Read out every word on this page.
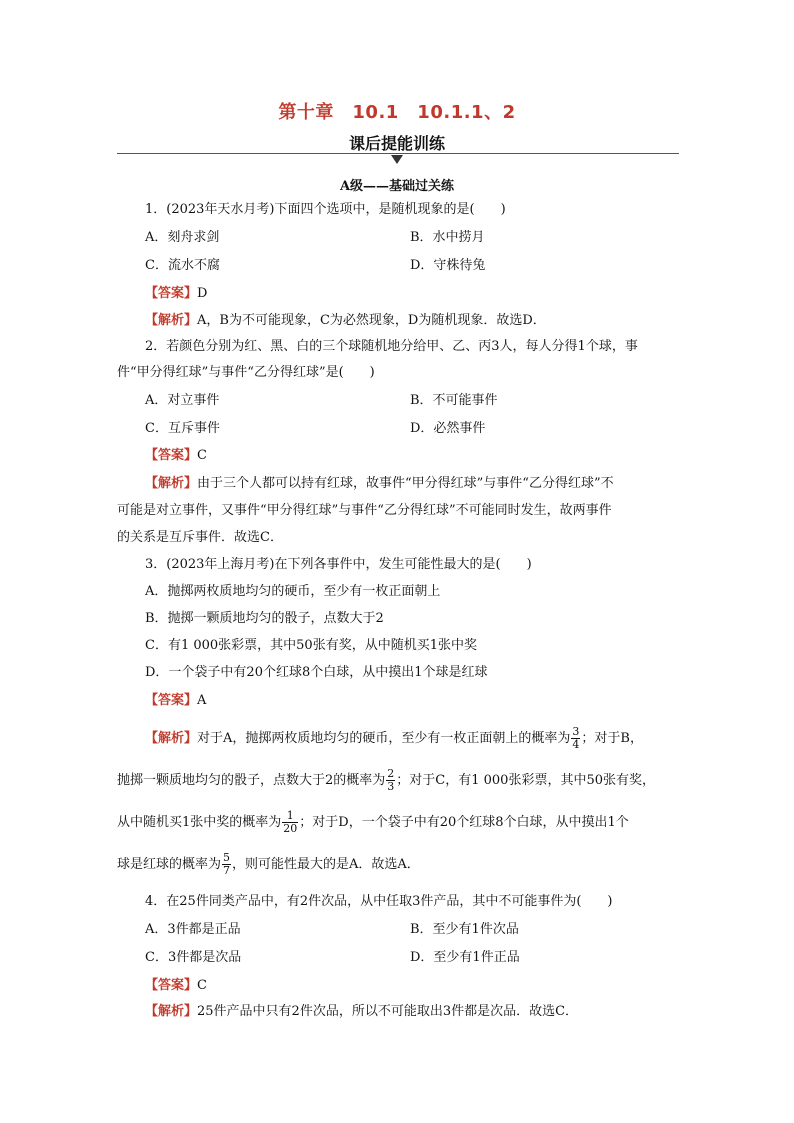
第十章　10.1　10.1.1、2
课后提能训练
A级——基础过关练
1．(2023年天水月考)下面四个选项中，是随机现象的是(　　)
A．刻舟求剑	B．水中捞月
C．流水不腐	D．守株待兔
【答案】D
【解析】A，B为不可能现象，C为必然现象，D为随机现象．故选D．
2．若颜色分别为红、黑、白的三个球随机地分给甲、乙、丙3人，每人分得1个球，事
件“甲分得红球”与事件“乙分得红球”是(　　)
A．对立事件	B．不可能事件
C．互斥事件	D．必然事件
【答案】C
【解析】由于三个人都可以持有红球，故事件“甲分得红球”与事件“乙分得红球”不
可能是对立事件，又事件“甲分得红球”与事件“乙分得红球”不可能同时发生，故两事件
的关系是互斥事件．故选C．
3．(2023年上海月考)在下列各事件中，发生可能性最大的是(　　)
A．抛掷两枚质地均匀的硬币，至少有一枚正面朝上
B．抛掷一颗质地均匀的骰子，点数大于2
C．有1 000张彩票，其中50张有奖，从中随机买1张中奖
D．一个袋子中有20个红球8个白球，从中摸出1个球是红球
【答案】A
【解析】对于A，抛掷两枚质地均匀的硬币，至少有一枚正面朝上的概率为 $\frac{3}{4}$ ；对于B，
抛掷一颗质地均匀的骰子，点数大于2的概率为 $\frac{2}{3}$ ；对于C，有1 000张彩票，其中50张有奖，
从中随机买1张中奖的概率为 $\frac{1}{20}$ ；对于D，一个袋子中有20个红球8个白球，从中摸出1个
球是红球的概率为 $\frac{5}{7}$ ，则可能性最大的是A．故选A．
4．在25件同类产品中，有2件次品，从中任取3件产品，其中不可能事件为(　　)
A．3件都是正品	B．至少有1件次品
C．3件都是次品	D．至少有1件正品
【答案】C
【解析】25件产品中只有2件次品，所以不可能取出3件都是次品．故选C．
